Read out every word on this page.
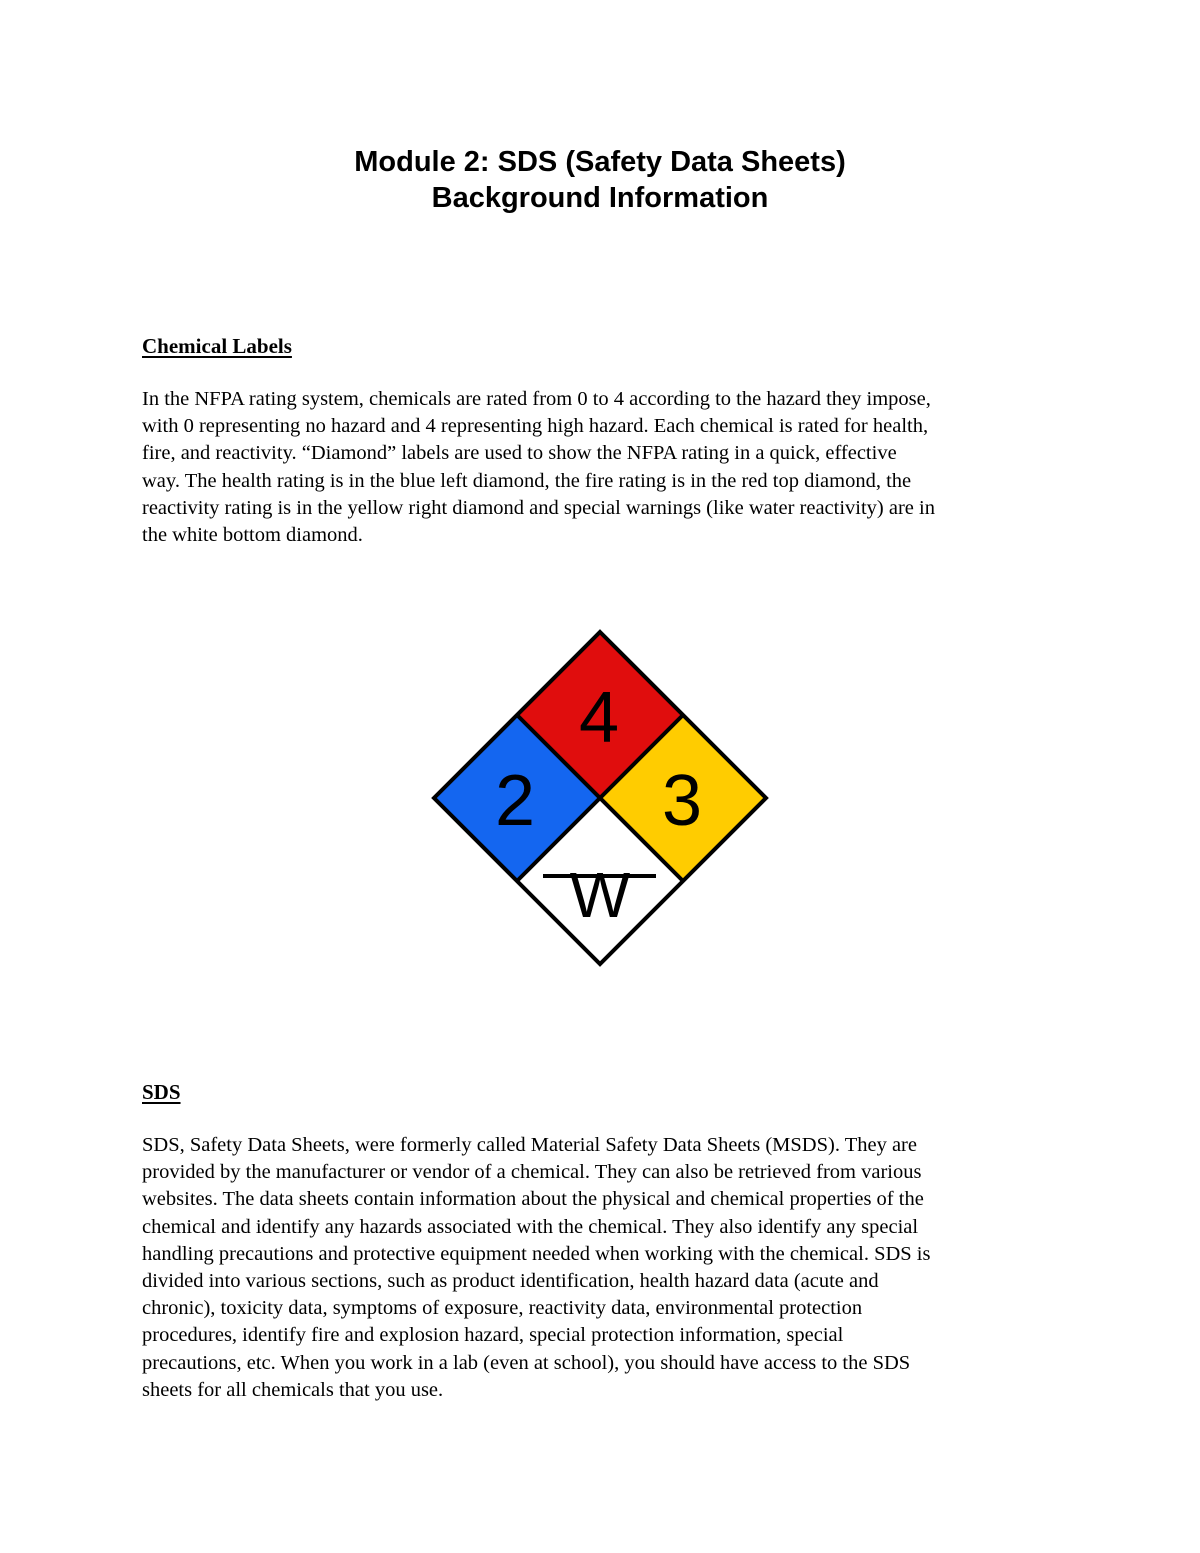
Module 2: SDS (Safety Data Sheets)
Background Information
Chemical Labels
In the NFPA rating system, chemicals are rated from 0 to 4 according to the hazard they impose,
with 0 representing no hazard and 4 representing high hazard. Each chemical is rated for health,
fire, and reactivity. “Diamond” labels are used to show the NFPA rating in a quick, effective
way. The health rating is in the blue left diamond, the fire rating is in the red top diamond, the
reactivity rating is in the yellow right diamond and special warnings (like water reactivity) are in
the white bottom diamond.
4
2 3
W
SDS
SDS, Safety Data Sheets, were formerly called Material Safety Data Sheets (MSDS). They are
provided by the manufacturer or vendor of a chemical. They can also be retrieved from various
websites. The data sheets contain information about the physical and chemical properties of the
chemical and identify any hazards associated with the chemical. They also identify any special
handling precautions and protective equipment needed when working with the chemical. SDS is
divided into various sections, such as product identification, health hazard data (acute and
chronic), toxicity data, symptoms of exposure, reactivity data, environmental protection
procedures, identify fire and explosion hazard, special protection information, special
precautions, etc. When you work in a lab (even at school), you should have access to the SDS
sheets for all chemicals that you use.
